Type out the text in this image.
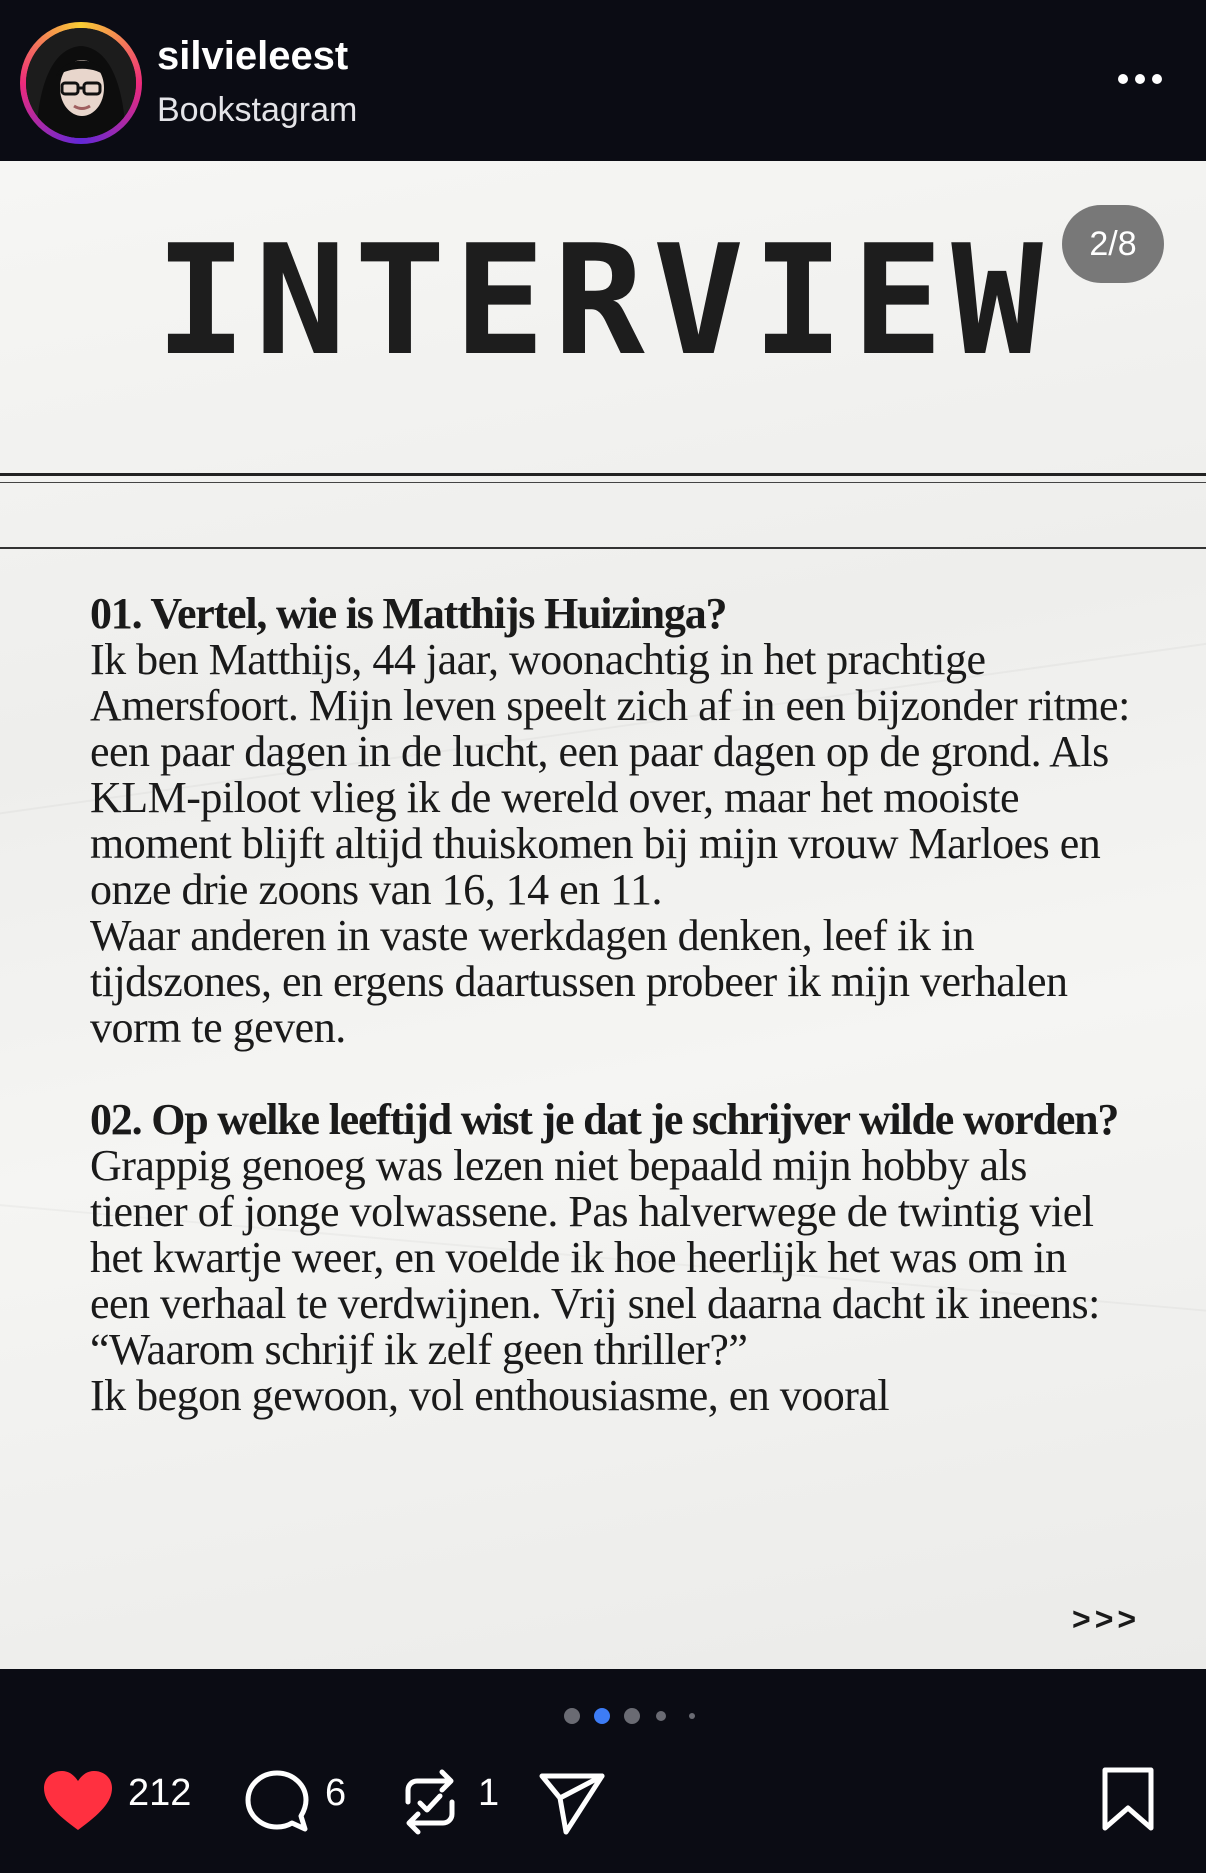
silvieleest
Bookstagram
2/8
INTERVIEW
01. Vertel, wie is Matthijs Huizinga?
Ik ben Matthijs, 44 jaar, woonachtig in het prachtige Amersfoort. Mijn leven speelt zich af in een bijzonder ritme: een paar dagen in de lucht, een paar dagen op de grond. Als KLM-piloot vlieg ik de wereld over, maar het mooiste moment blijft altijd thuiskomen bij mijn vrouw Marloes en onze drie zoons van 16, 14 en 11.
Waar anderen in vaste werkdagen denken, leef ik in tijdszones, en ergens daartussen probeer ik mijn verhalen vorm te geven.
02. Op welke leeftijd wist je dat je schrijver wilde worden?
Grappig genoeg was lezen niet bepaald mijn hobby als tiener of jonge volwassene. Pas halverwege de twintig viel het kwartje weer, en voelde ik hoe heerlijk het was om in een verhaal te verdwijnen. Vrij snel daarna dacht ik ineens: “Waarom schrijf ik zelf geen thriller?”
Ik begon gewoon, vol enthousiasme, en vooral
>>>
212	6	1
